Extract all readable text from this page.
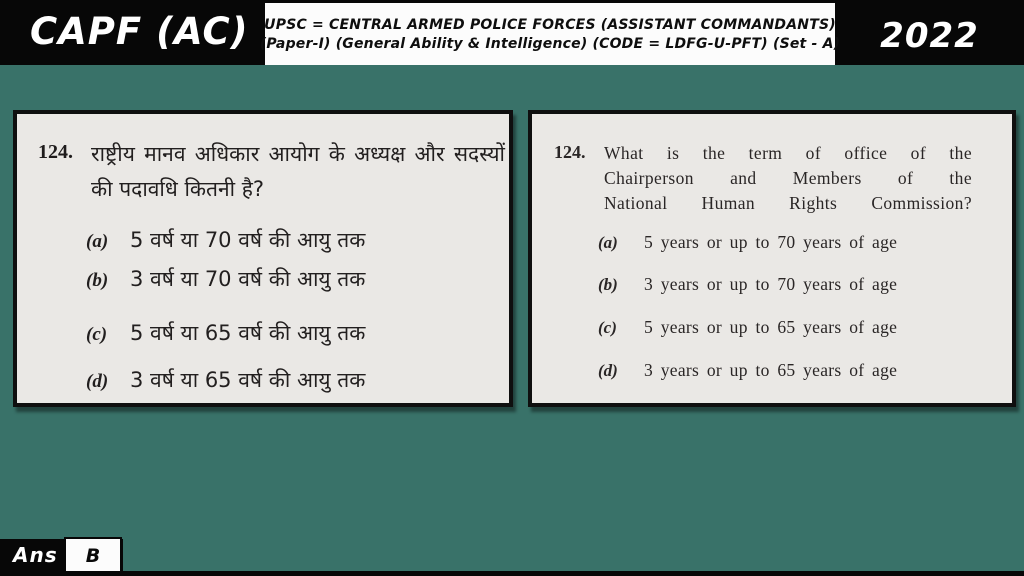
CAPF (AC) UPSC = CENTRAL ARMED POLICE FORCES (ASSISTANT COMMANDANTS)
(Paper-I) (General Ability & Intelligence) (CODE = LDFG-U-PFT) (Set - A)	2022
124. राष्ट्रीय मानव अधिकार आयोग के अध्यक्ष और सदस्यों
की पदावधि कितनी है?
(a)	5 वर्ष या 70 वर्ष की आयु तक
(b)	3 वर्ष या 70 वर्ष की आयु तक
(c)	5 वर्ष या 65 वर्ष की आयु तक
(d)	3 वर्ष या 65 वर्ष की आयु तक
124. What is the term of office of the
Chairperson and Members of the
National Human Rights Commission?
(a)	5 years or up to 70 years of age
(b)	3 years or up to 70 years of age
(c)	5 years or up to 65 years of age
(d)	3 years or up to 65 years of age
Ans B
